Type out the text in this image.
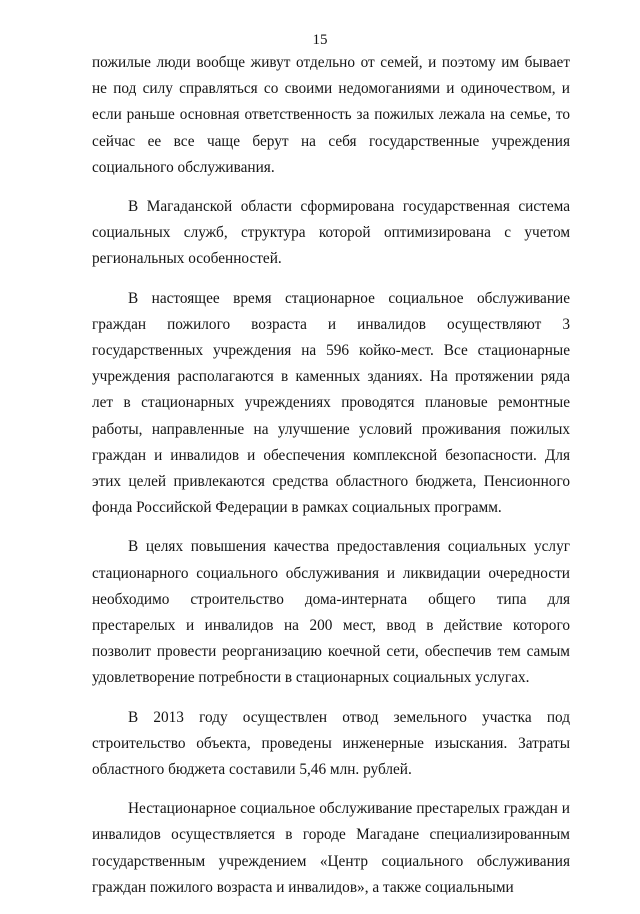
15

пожилые люди вообще живут отдельно от семей, и поэтому им бывает не под силу справляться со своими недомоганиями и одиночеством, и если раньше основная ответственность за пожилых лежала на семье, то сейчас ее все чаще берут на себя государственные учреждения социального обслуживания.

В Магаданской области сформирована государственная система социальных служб, структура которой оптимизирована с учетом региональных особенностей.

В настоящее время стационарное социальное обслуживание граждан пожилого возраста и инвалидов осуществляют 3 государственных учреждения на 596 койко-мест. Все стационарные учреждения располагаются в каменных зданиях. На протяжении ряда лет в стационарных учреждениях проводятся плановые ремонтные работы, направленные на улучшение условий проживания пожилых граждан и инвалидов и обеспечения комплексной безопасности. Для этих целей привлекаются средства областного бюджета, Пенсионного фонда Российской Федерации в рамках социальных программ.

В целях повышения качества предоставления социальных услуг стационарного социального обслуживания и ликвидации очередности необходимо строительство дома-интерната общего типа для престарелых и инвалидов на 200 мест, ввод в действие которого позволит провести реорганизацию коечной сети, обеспечив тем самым удовлетворение потребности в стационарных социальных услугах.

В 2013 году осуществлен отвод земельного участка под строительство объекта, проведены инженерные изыскания. Затраты областного бюджета составили 5,46 млн. рублей.

Нестационарное социальное обслуживание престарелых граждан и инвалидов осуществляется в городе Магадане специализированным государственным учреждением «Центр социального обслуживания граждан пожилого возраста и инвалидов», а также социальными
